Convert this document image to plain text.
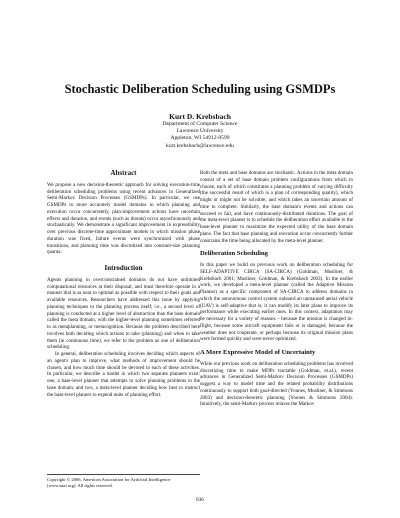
Stochastic Deliberation Scheduling using GSMDPs
Kurt D. Krebsbach
Department of Computer Science
Lawrence University
Appleton, WI 54912-0599
kurt.krebsbach@lawrence.edu
Abstract

We propose a new decision-theoretic approach for solving execution-time deliberation scheduling problems using recent advances in Generalized Semi-Markov Decision Processes (GSMDPs). In particular, we use GSMDPs to more accurately model domains in which planning and execution occur concurrently, plan-improvement actions have uncertain effects and duration, and events (such as threats) occur asynchronously and stochastically. We demonstrate a significant improvement in expressibility over previous discrete-time approximate models in which mission phase duration was fixed, failure events were synchronized with phase transitions, and planning time was discretized into constant-size planning quanta.

Introduction

Agents planning in overconstrained domains do not have unlimited computational resources at their disposal, and must therefore operate in a manner that is as near to optimal as possible with respect to their goals and available resources. Researchers have addressed this issue by applying planning techniques to the planning process itself; i.e., a second level of planning is conducted at a higher level of abstraction than the base domain called the meta domain, with the higher-level planning sometimes referred to as metaplanning, or metacognition. Because the problem described here involves both deciding which actions to take (planning) and when to take them (in continuous time), we refer to the problem as one of deliberation scheduling.

In general, deliberation scheduling involves deciding which aspects of an agent's plan to improve, what methods of improvement should be chosen, and how much time should be devoted to each of these activities. In particular, we describe a model in which two separate planners exist: one, a base-level planner that attempts to solve planning problems in the base domain, and two, a meta-level planner deciding how best to instruct the base-level planner to expend units of planning effort.

Both the meta and base domains are stochastic. Actions in the meta domain consist of a set of base domain problem configurations from which to choose, each of which constitutes a planning problem of varying difficulty (the successful result of which is a plan of corresponding quality), which might or might not be solvable, and which takes an uncertain amount of time to complete. Similarly, the base domain's events and actions can succeed or fail, and have continuously-distributed durations. The goal of the meta-level planner is to schedule the deliberation effort available to the base-level planner to maximize the expected utility of the base domain plans. The fact that base planning and execution occur concurrently further constrains the time being allocated by the meta-level planner.

Deliberation Scheduling

In this paper we build on previous work on deliberation scheduling for SELF-ADAPTIVE CIRCA (SA-CIRCA) (Goldman, Musliner, & Krebsbach 2001; Musliner, Goldman, & Krebsbach 2003). In the earlier work, we developed a meta-level planner (called the Adaptive Mission Planner) as a specific component of SA-CIRCA to address domains in which the autonomous control system onboard an unmanned aerial vehicle (UAV) is self-adaptive that is, it can modify its later plans to improve its performance while executing earlier ones. In this context, adaptation may be necessary for a variety of reasons – because the mission is changed in-flight, because some aircraft equipment fails or is damaged, because the weather does not cooperate, or perhaps because its original mission plans were formed quickly and were never optimized.

A More Expressive Model of Uncertainty

While our previous work on deliberation scheduling problems has involved discretizing time to make MDPs tractable (Goldman, et.al.), recent advances in Generalized Semi-Markov Decision Processes (GSMDPs) suggest a way to model time and the related probability distributions continuously to support both goal-directed (Younes, Musliner, & Simmons 2003) and decision-theoretic planning (Younes & Simmons 2004). Intuitively, the semi-Markov process relaxes the Markov

Copyright © 2006, American Association for Artificial Intelligence (www.aaai.org). All rights reserved.
836
